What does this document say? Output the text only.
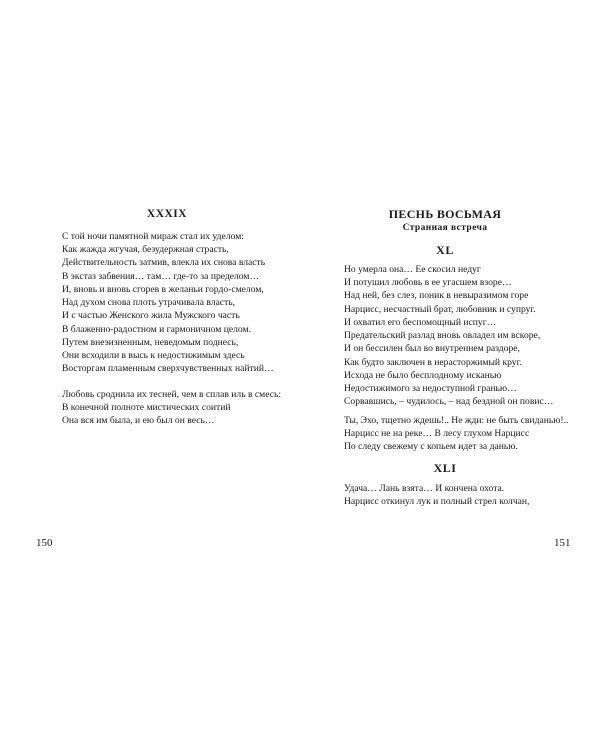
XXXIX
С той ночи памятной мираж стал их уделом:
Как жажда жгучая, безудержная страсть,
Действительность затмив, влекла их снова власть
В экстаз забвения… там… где-то за пределом…
И, вновь и вновь сгорев в желаньи гордо-смелом,
Над духом снова плоть утрачивала власть,
И с частью Женского жила Мужского часть
В блаженно-радостном и гармоничном целом.
Путем внеэизненным, неведомым поднесь,
Они всходили в высь к недостижимым здесь
Восторгам пламенным сверхчувственных найтий…
Любовь сроднила их тесней, чем в сплав иль в смесь:
В конечной полноте мистических соитий
Она вся им была, и ею был он весь…
150
ПЕСНЬ ВОСЬМАЯ
Странная встреча
XL
Но умерла она… Ее скосил недуг
И потушил любовь в ее угасшем взоре…
Над ней, без слез, поник в невыразимом горе
Нарцисс, несчастный брат, любовник и супруг.
И охватил его беспомощный испуг…
Предательский разлад вновь овладел им вскоре,
И он бессилен был во внутреннем раздоре,
Как будто заключен в нерасторжимый круг.
Исхода не было бесплодному исканью
Недостижимого за недоступной гранью…
Сорвавшись, – чудилось, – над бездной он повис…
Ты, Эхо, тщетно ждешь!.. Не жди: не быть свиданью!..
Нарцисс не на реке… В лесу глухом Нарцисс
По следу свежему с копьем идет за данью.
XLI
Удача… Лань взята… И кончена охота.
Нарцисс откинул лук и полный стрел колчан,
151
